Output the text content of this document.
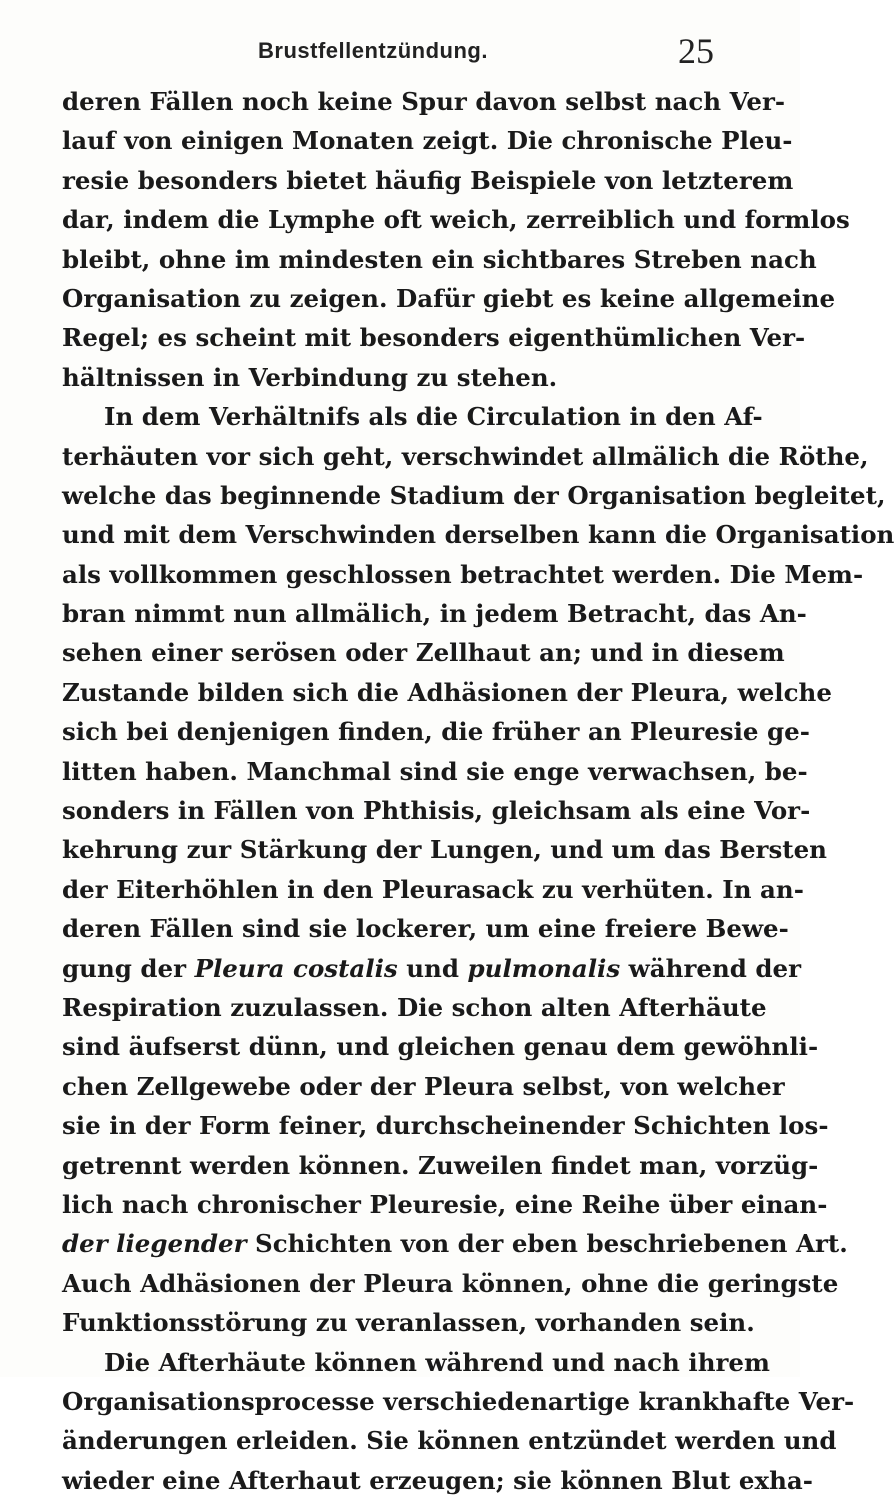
Brustfellentzündung.	25
deren Fällen noch keine Spur davon selbst nach Ver-
lauf von einigen Monaten zeigt. Die chronische Pleu-
resie besonders bietet häufig Beispiele von letzterem
dar, indem die Lymphe oft weich, zerreiblich und formlos
bleibt, ohne im mindesten ein sichtbares Streben nach
Organisation zu zeigen. Dafür giebt es keine allgemeine
Regel; es scheint mit besonders eigenthümlichen Ver-
hältnissen in Verbindung zu stehen.
In dem Verhältnifs als die Circulation in den Af-
terhäuten vor sich geht, verschwindet allmälich die Röthe,
welche das beginnende Stadium der Organisation begleitet,
und mit dem Verschwinden derselben kann die Organisation
als vollkommen geschlossen betrachtet werden. Die Mem-
bran nimmt nun allmälich, in jedem Betracht, das An-
sehen einer serösen oder Zellhaut an; und in diesem
Zustande bilden sich die Adhäsionen der Pleura, welche
sich bei denjenigen finden, die früher an Pleuresie ge-
litten haben. Manchmal sind sie enge verwachsen, be-
sonders in Fällen von Phthisis, gleichsam als eine Vor-
kehrung zur Stärkung der Lungen, und um das Bersten
der Eiterhöhlen in den Pleurasack zu verhüten. In an-
deren Fällen sind sie lockerer, um eine freiere Bewe-
gung der Pleura costalis und pulmonalis während der
Respiration zuzulassen. Die schon alten Afterhäute
sind äufserst dünn, und gleichen genau dem gewöhnli-
chen Zellgewebe oder der Pleura selbst, von welcher
sie in der Form feiner, durchscheinender Schichten los-
getrennt werden können. Zuweilen findet man, vorzüg-
lich nach chronischer Pleuresie, eine Reihe über einan-
der liegender Schichten von der eben beschriebenen Art.
Auch Adhäsionen der Pleura können, ohne die geringste
Funktionsstörung zu veranlassen, vorhanden sein.
Die Afterhäute können während und nach ihrem
Organisationsprocesse verschiedenartige krankhafte Ver-
änderungen erleiden. Sie können entzündet werden und
wieder eine Afterhaut erzeugen; sie können Blut exha-
